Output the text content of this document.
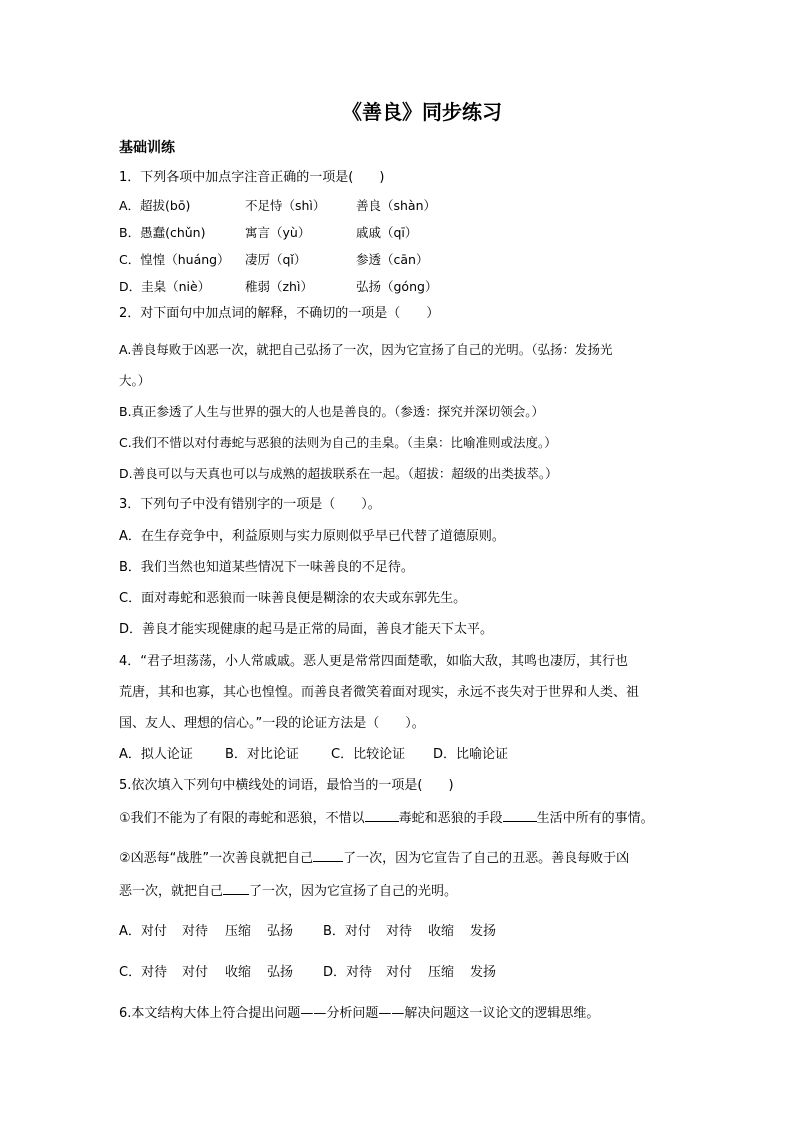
《善良》同步练习
基础训练
1．下列各项中加点字注音正确的一项是(　　)
A．超拔(bō)	不足恃（shì） 善良（shàn）
B．愚蠢(chǔn)	寓言（yù）	戚戚（qī）
C．惶惶（huáng） 凄厉（qǐ）	参透（cān）
D．圭臬（niè）	稚弱（zhì）	弘扬（góng）
2．对下面句中加点词的解释，不确切的一项是（　　）
A.善良每败于凶恶一次，就把自己弘扬了一次，因为它宣扬了自己的光明。（弘扬：发扬光
大。）
B.真正参透了人生与世界的强大的人也是善良的。（参透：探究并深切领会。）
C.我们不惜以对付毒蛇与恶狼的法则为自己的圭臬。（圭臬：比喻准则或法度。）
D.善良可以与天真也可以与成熟的超拔联系在一起。（超拔：超级的出类拔萃。）
3．下列句子中没有错别字的一项是（　　）。
A．在生存竞争中，利益原则与实力原则似乎早已代替了道德原则。
B．我们当然也知道某些情况下一味善良的不足待。
C．面对毒蛇和恶狼而一味善良便是糊涂的农夫或东郭先生。
D．善良才能实现健康的起马是正常的局面，善良才能天下太平。
4．“君子坦荡荡，小人常戚戚。恶人更是常常四面楚歌，如临大敌，其鸣也凄厉，其行也
荒唐，其和也寡，其心也惶惶。而善良者微笑着面对现实，永远不丧失对于世界和人类、祖
国、友人、理想的信心。”一段的论证方法是（　　）。
A．拟人论证 B．对比论证 C．比较论证 D．比喻论证
5.依次填入下列句中横线处的词语，最恰当的一项是(　　)
①我们不能为了有限的毒蛇和恶狼，不惜以	毒蛇和恶狼的手段	生活中所有的事情。
②凶恶每“战胜”一次善良就把自己 了一次，因为它宣告了自己的丑恶。善良每败于凶
恶一次，就把自己 了一次，因为它宣扬了自己的光明。
A．对付 对待 压缩 弘扬 B．对付 对待 收缩 发扬
C．对待 对付 收缩 弘扬 D．对待 对付 压缩 发扬
6.本文结构大体上符合提出问题——分析问题——解决问题这一议论文的逻辑思维。
